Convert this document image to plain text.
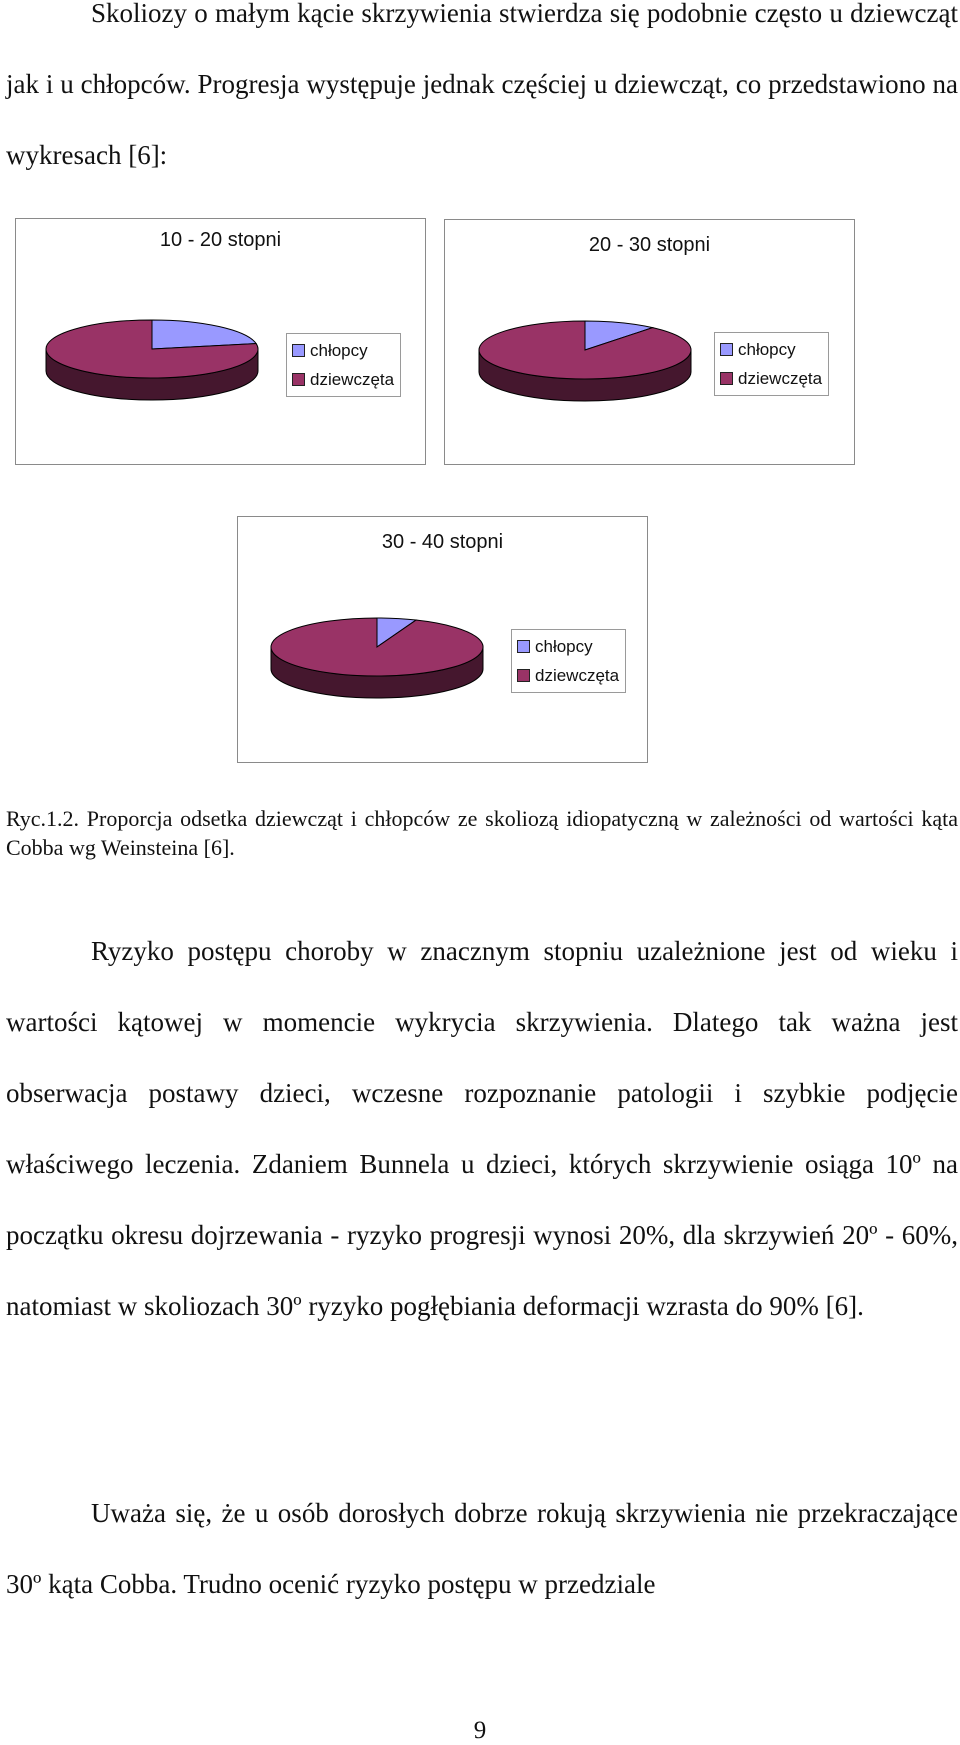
Skoliozy o małym kącie skrzywienia stwierdza się podobnie często u dziewcząt jak i u chłopców. Progresja występuje jednak częściej u dziewcząt, co przedstawiono na wykresach [6]:

10 - 20 stopni
chłopcy
dziewczęta
20 - 30 stopni
chłopcy
dziewczęta
30 - 40 stopni
chłopcy
dziewczęta

Ryc.1.2. Proporcja odsetka dziewcząt i chłopców ze skoliozą idiopatyczną w zależności od wartości kąta Cobba wg Weinsteina [6].

Ryzyko postępu choroby w znacznym stopniu uzależnione jest od wieku i wartości kątowej w momencie wykrycia skrzywienia. Dlatego tak ważna jest obserwacja postawy dzieci, wczesne rozpoznanie patologii i szybkie podjęcie właściwego leczenia. Zdaniem Bunnela u dzieci, których skrzywienie osiąga 10º na początku okresu dojrzewania - ryzyko progresji wynosi 20%, dla skrzywień 20º - 60%, natomiast w skoliozach 30º ryzyko pogłębiania deformacji wzrasta do 90% [6].

Uważa się, że u osób dorosłych dobrze rokują skrzywienia nie przekraczające 30º kąta Cobba. Trudno ocenić ryzyko postępu w przedziale

9
